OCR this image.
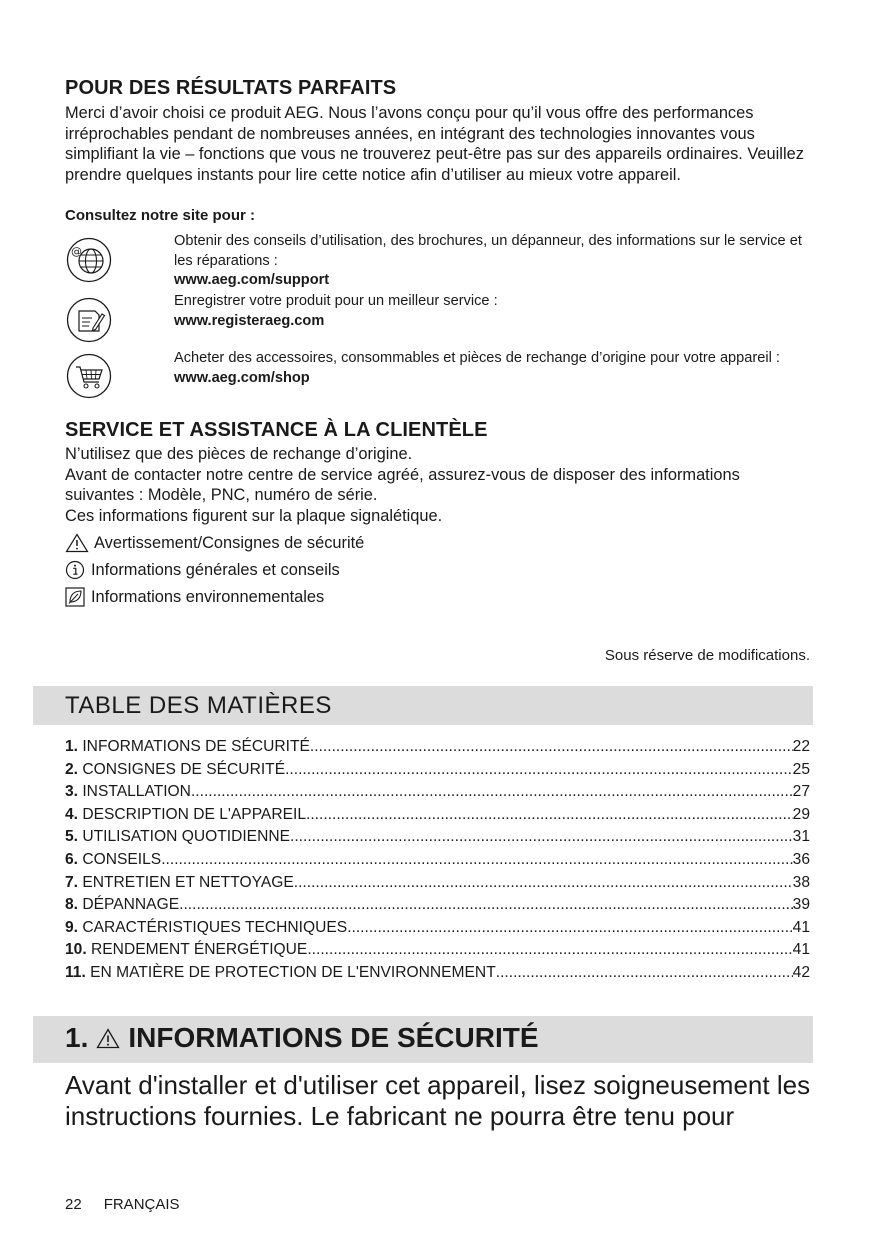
POUR DES RÉSULTATS PARFAITS
Merci d’avoir choisi ce produit AEG. Nous l’avons conçu pour qu’il vous offre des performances irréprochables pendant de nombreuses années, en intégrant des technologies innovantes vous simplifiant la vie – fonctions que vous ne trouverez peut-être pas sur des appareils ordinaires. Veuillez prendre quelques instants pour lire cette notice afin d’utiliser au mieux votre appareil.
Consultez notre site pour :
@
Obtenir des conseils d’utilisation, des brochures, un dépanneur, des informations sur le service et les réparations :
www.aeg.com/support
Enregistrer votre produit pour un meilleur service :
www.registeraeg.com
Acheter des accessoires, consommables et pièces de rechange d’origine pour votre appareil :
www.aeg.com/shop
SERVICE ET ASSISTANCE À LA CLIENTÈLE
N’utilisez que des pièces de rechange d’origine.
Avant de contacter notre centre de service agréé, assurez-vous de disposer des informations suivantes : Modèle, PNC, numéro de série.
Ces informations figurent sur la plaque signalétique.
Avertissement/Consignes de sécurité
Informations générales et conseils
Informations environnementales
Sous réserve de modifications.
TABLE DES MATIÈRES
1. INFORMATIONS DE SÉCURITÉ .....	22
2. CONSIGNES DE SÉCURITÉ .....	25
3. INSTALLATION .....	27
4. DESCRIPTION DE L'APPAREIL .....	29
5. UTILISATION QUOTIDIENNE .....	31
6. CONSEILS .....	36
7. ENTRETIEN ET NETTOYAGE .....	38
8. DÉPANNAGE .....	39
9. CARACTÉRISTIQUES TECHNIQUES .....	41
10. RENDEMENT ÉNERGÉTIQUE .....	41
11. EN MATIÈRE DE PROTECTION DE L'ENVIRONNEMENT .....	42
1. INFORMATIONS DE SÉCURITÉ
Avant d'installer et d'utiliser cet appareil, lisez soigneusement les instructions fournies. Le fabricant ne pourra être tenu pour
22 FRANÇAIS
